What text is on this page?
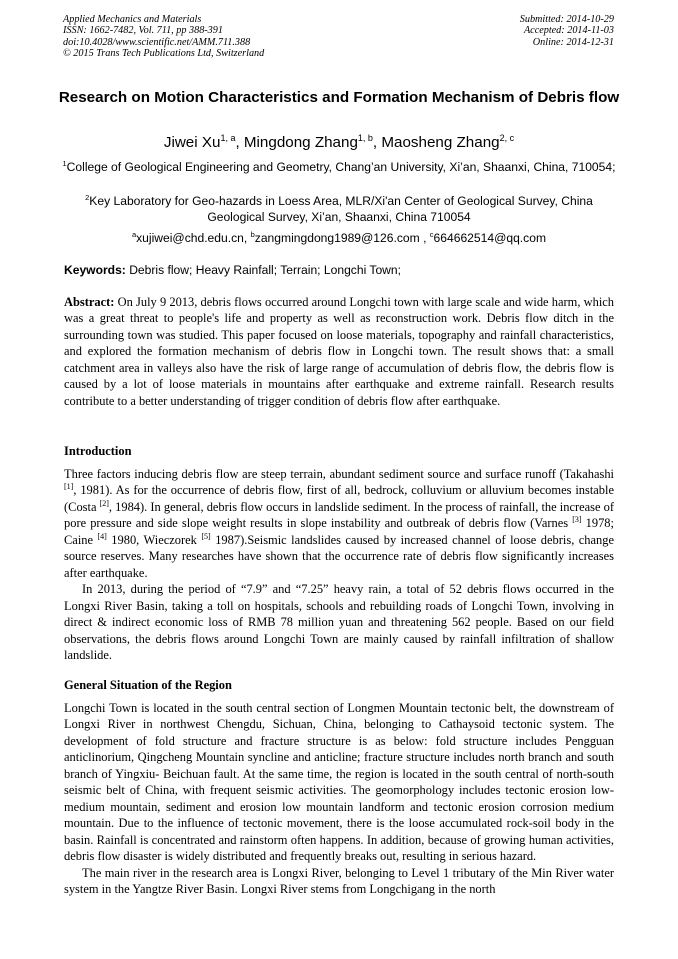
Applied Mechanics and Materials
ISSN: 1662-7482, Vol. 711, pp 388-391
doi:10.4028/www.scientific.net/AMM.711.388
© 2015 Trans Tech Publications Ltd, Switzerland
Submitted: 2014-10-29
Accepted: 2014-11-03
Online: 2014-12-31
Research on Motion Characteristics and Formation Mechanism of Debris flow
Jiwei Xu$^{1, a}$, Mingdong Zhang$^{1, b}$, Maosheng Zhang$^{2, c}$
$^1$College of Geological Engineering and Geometry, Chang’an University, Xi’an, Shaanxi, China, 710054;
$^2$Key Laboratory for Geo-hazards in Loess Area, MLR/Xi'an Center of Geological Survey, China Geological Survey, Xi’an, Shaanxi, China 710054
$^a$xujiwei@chd.edu.cn, $^b$zangmingdong1989@126.com , $^c$664662514@qq.com
Keywords: Debris flow; Heavy Rainfall; Terrain; Longchi Town;
Abstract: On July 9 2013, debris flows occurred around Longchi town with large scale and wide harm, which was a great threat to people's life and property as well as reconstruction work. Debris flow ditch in the surrounding town was studied. This paper focused on loose materials, topography and rainfall characteristics, and explored the formation mechanism of debris flow in Longchi town. The result shows that: a small catchment area in valleys also have the risk of large range of accumulation of debris flow, the debris flow is caused by a lot of loose materials in mountains after earthquake and extreme rainfall. Research results contribute to a better understanding of trigger condition of debris flow after earthquake.
Introduction

Three factors inducing debris flow are steep terrain, abundant sediment source and surface runoff (Takahashi [1], 1981). As for the occurrence of debris flow, first of all, bedrock, colluvium or alluvium becomes instable (Costa [2], 1984). In general, debris flow occurs in landslide sediment. In the process of rainfall, the increase of pore pressure and side slope weight results in slope instability and outbreak of debris flow (Varnes [3] 1978; Caine [4] 1980, Wieczorek [5] 1987).Seismic landslides caused by increased channel of loose debris, change source reserves. Many researches have shown that the occurrence rate of debris flow significantly increases after earthquake.

In 2013, during the period of “7.9” and “7.25” heavy rain, a total of 52 debris flows occurred in the Longxi River Basin, taking a toll on hospitals, schools and rebuilding roads of Longchi Town, involving in direct & indirect economic loss of RMB 78 million yuan and threatening 562 people. Based on our field observations, the debris flows around Longchi Town are mainly caused by rainfall infiltration of shallow landslide.

General Situation of the Region

Longchi Town is located in the south central section of Longmen Mountain tectonic belt, the downstream of Longxi River in northwest Chengdu, Sichuan, China, belonging to Cathaysoid tectonic system. The development of fold structure and fracture structure is as below: fold structure includes Pengguan anticlinorium, Qingcheng Mountain syncline and anticline; fracture structure includes north branch and south branch of Yingxiu- Beichuan fault. At the same time, the region is located in the south central of north-south seismic belt of China, with frequent seismic activities. The geomorphology includes tectonic erosion low-medium mountain, sediment and erosion low mountain landform and tectonic erosion corrosion medium mountain. Due to the influence of tectonic movement, there is the loose accumulated rock-soil body in the basin. Rainfall is concentrated and rainstorm often happens. In addition, because of growing human activities, debris flow disaster is widely distributed and frequently breaks out, resulting in serious hazard.

The main river in the research area is Longxi River, belonging to Level 1 tributary of the Min River water system in the Yangtze River Basin. Longxi River stems from Longchigang in the north
